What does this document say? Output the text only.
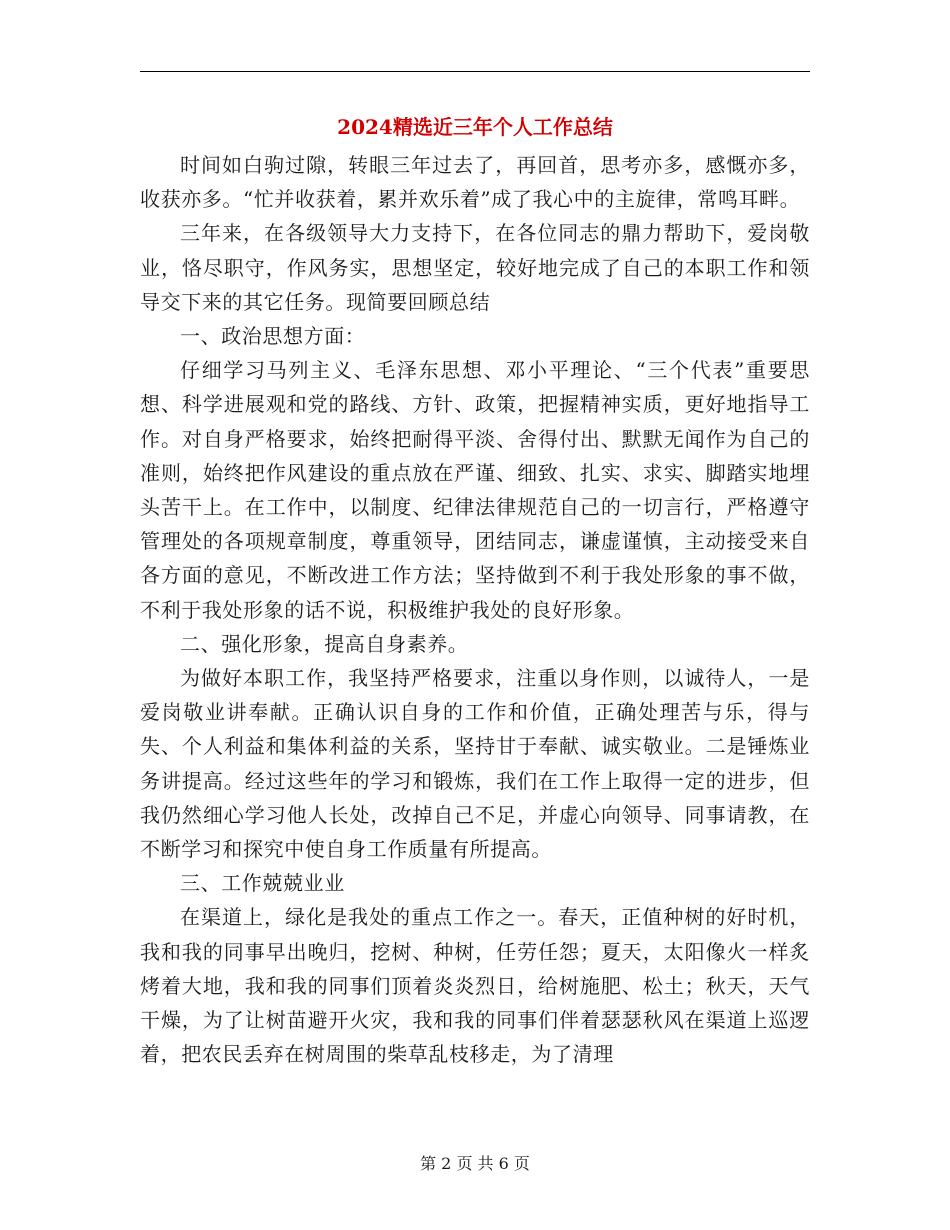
2024精选近三年个人工作总结

时间如白驹过隙，转眼三年过去了，再回首，思考亦多，感慨亦多，收获亦多。“忙并收获着，累并欢乐着”成了我心中的主旋律，常鸣耳畔。

三年来，在各级领导大力支持下，在各位同志的鼎力帮助下，爱岗敬业，恪尽职守，作风务实，思想坚定，较好地完成了自己的本职工作和领导交下来的其它任务。现简要回顾总结

一、政治思想方面：

仔细学习马列主义、毛泽东思想、邓小平理论、“三个代表”重要思想、科学进展观和党的路线、方针、政策，把握精神实质，更好地指导工作。对自身严格要求，始终把耐得平淡、舍得付出、默默无闻作为自己的准则，始终把作风建设的重点放在严谨、细致、扎实、求实、脚踏实地埋头苦干上。在工作中，以制度、纪律法律规范自己的一切言行，严格遵守管理处的各项规章制度，尊重领导，团结同志，谦虚谨慎，主动接受来自各方面的意见，不断改进工作方法；坚持做到不利于我处形象的事不做，不利于我处形象的话不说，积极维护我处的良好形象。

二、强化形象，提高自身素养。

为做好本职工作，我坚持严格要求，注重以身作则，以诚待人，一是爱岗敬业讲奉献。正确认识自身的工作和价值，正确处理苦与乐，得与失、个人利益和集体利益的关系，坚持甘于奉献、诚实敬业。二是锤炼业务讲提高。经过这些年的学习和锻炼，我们在工作上取得一定的进步，但我仍然细心学习他人长处，改掉自己不足，并虚心向领导、同事请教，在不断学习和探究中使自身工作质量有所提高。

三、工作兢兢业业

在渠道上，绿化是我处的重点工作之一。春天，正值种树的好时机，我和我的同事早出晚归，挖树、种树，任劳任怨；夏天，太阳像火一样炙烤着大地，我和我的同事们顶着炎炎烈日，给树施肥、松土；秋天，天气干燥，为了让树苗避开火灾，我和我的同事们伴着瑟瑟秋风在渠道上巡逻着，把农民丢弃在树周围的柴草乱枝移走，为了清理

第 2 页 共 6 页
